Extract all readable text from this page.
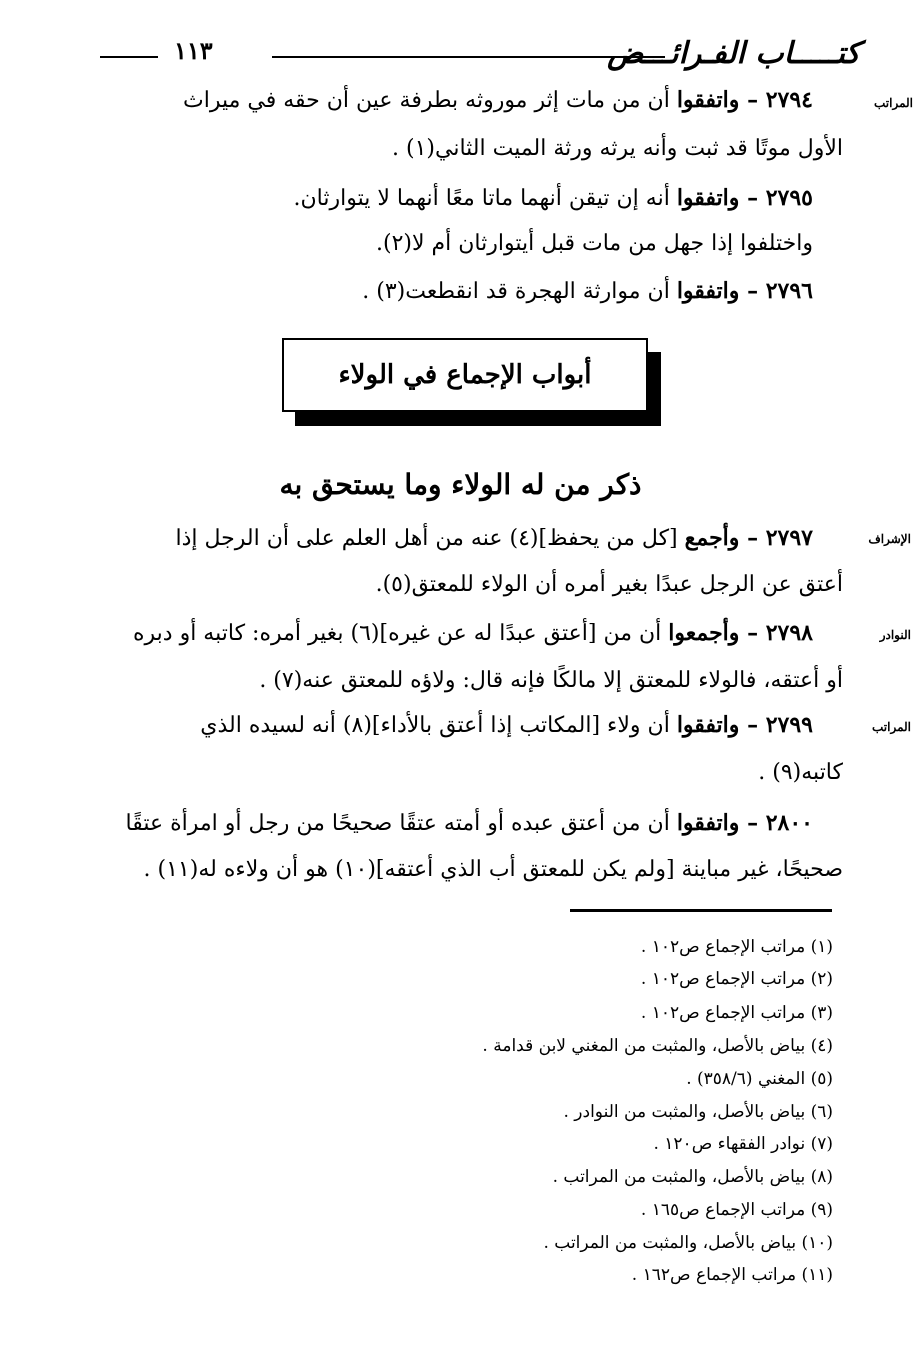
كتـــــاب الفـرائـــض
١١٣
المراتب
٢٧٩٤ – واتفقوا أن من مات إثر موروثه بطرفة عين أن حقه في ميراث
الأول موتًا قد ثبت وأنه يرثه ورثة الميت الثاني(١) .
٢٧٩٥ – واتفقوا أنه إن تيقن أنهما ماتا معًا أنهما لا يتوارثان.
واختلفوا إذا جهل من مات قبل أيتوارثان أم لا(٢).
٢٧٩٦ – واتفقوا أن موارثة الهجرة قد انقطعت(٣) .
أبواب الإجماع في الولاء
ذكر من له الولاء وما يستحق به
الإشراف
٢٧٩٧ – وأجمع [كل من يحفظ](٤) عنه من أهل العلم على أن الرجل إذا
أعتق عن الرجل عبدًا بغير أمره أن الولاء للمعتق(٥).
النوادر
٢٧٩٨ – وأجمعوا أن من [أعتق عبدًا له عن غيره](٦) بغير أمره: كاتبه أو دبره
أو أعتقه، فالولاء للمعتق إلا مالكًا فإنه قال: ولاؤه للمعتق عنه(٧) .
المراتب
٢٧٩٩ – واتفقوا أن ولاء [المكاتب إذا أعتق بالأداء](٨) أنه لسيده الذي
كاتبه(٩) .
٢٨٠٠ – واتفقوا أن من أعتق عبده أو أمته عتقًا صحيحًا من رجل أو امرأة عتقًا
صحيحًا، غير مباينة [ولم يكن للمعتق أب الذي أعتقه](١٠) هو أن ولاءه له(١١) .
(١) مراتب الإجماع ص١٠٢ .
(٢) مراتب الإجماع ص١٠٢ .
(٣) مراتب الإجماع ص١٠٢ .
(٤) بياض بالأصل، والمثبت من المغني لابن قدامة .
(٥) المغني (٣٥٨/٦) .
(٦) بياض بالأصل، والمثبت من النوادر .
(٧) نوادر الفقهاء ص١٢٠ .
(٨) بياض بالأصل، والمثبت من المراتب .
(٩) مراتب الإجماع ص١٦٥ .
(١٠) بياض بالأصل، والمثبت من المراتب .
(١١) مراتب الإجماع ص١٦٢ .
